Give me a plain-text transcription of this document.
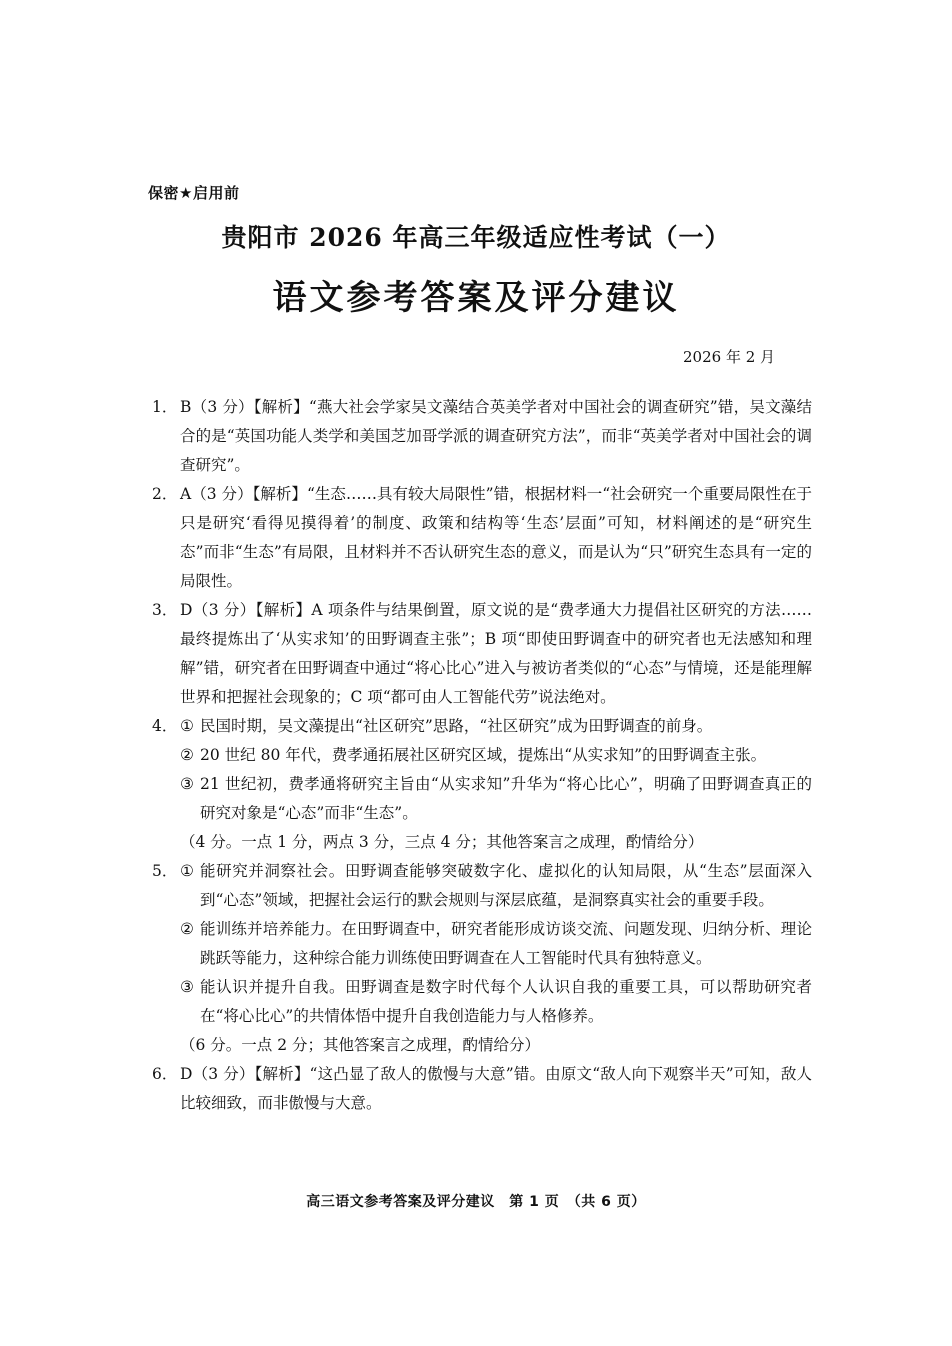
保密★启用前
贵阳市 2026 年高三年级适应性考试（一）
语文参考答案及评分建议
2026 年 2 月
1． B（3 分）【解析】“燕大社会学家吴文藻结合英美学者对中国社会的调查研究”错，吴文藻结合的是“英国功能人类学和美国芝加哥学派的调查研究方法”，而非“英美学者对中国社会的调查研究”。
2． A（3 分）【解析】“生态……具有较大局限性”错，根据材料一“社会研究一个重要局限性在于只是研究‘看得见摸得着’的制度、政策和结构等‘生态’层面”可知，材料阐述的是“研究生态”而非“生态”有局限，且材料并不否认研究生态的意义，而是认为“只”研究生态具有一定的局限性。
3． D（3 分）【解析】A 项条件与结果倒置，原文说的是“费孝通大力提倡社区研究的方法……最终提炼出了‘从实求知’的田野调查主张”；B 项“即使田野调查中的研究者也无法感知和理解”错，研究者在田野调查中通过“将心比心”进入与被访者类似的“心态”与情境，还是能理解世界和把握社会现象的；C 项“都可由人工智能代劳”说法绝对。
4． ① 民国时期，吴文藻提出“社区研究”思路，“社区研究”成为田野调查的前身。
② 20 世纪 80 年代，费孝通拓展社区研究区域，提炼出“从实求知”的田野调查主张。
③ 21 世纪初，费孝通将研究主旨由“从实求知”升华为“将心比心”，明确了田野调查真正的研究对象是“心态”而非“生态”。
（4 分。一点 1 分，两点 3 分，三点 4 分；其他答案言之成理，酌情给分）
5． ① 能研究并洞察社会。田野调查能够突破数字化、虚拟化的认知局限，从“生态”层面深入到“心态”领域，把握社会运行的默会规则与深层底蕴，是洞察真实社会的重要手段。
② 能训练并培养能力。在田野调查中，研究者能形成访谈交流、问题发现、归纳分析、理论跳跃等能力，这种综合能力训练使田野调查在人工智能时代具有独特意义。
③ 能认识并提升自我。田野调查是数字时代每个人认识自我的重要工具，可以帮助研究者在“将心比心”的共情体悟中提升自我创造能力与人格修养。
（6 分。一点 2 分；其他答案言之成理，酌情给分）
6． D（3 分）【解析】“这凸显了敌人的傲慢与大意”错。由原文“敌人向下观察半天”可知，敌人比较细致，而非傲慢与大意。
高三语文参考答案及评分建议　第 1 页　（共 6 页）
